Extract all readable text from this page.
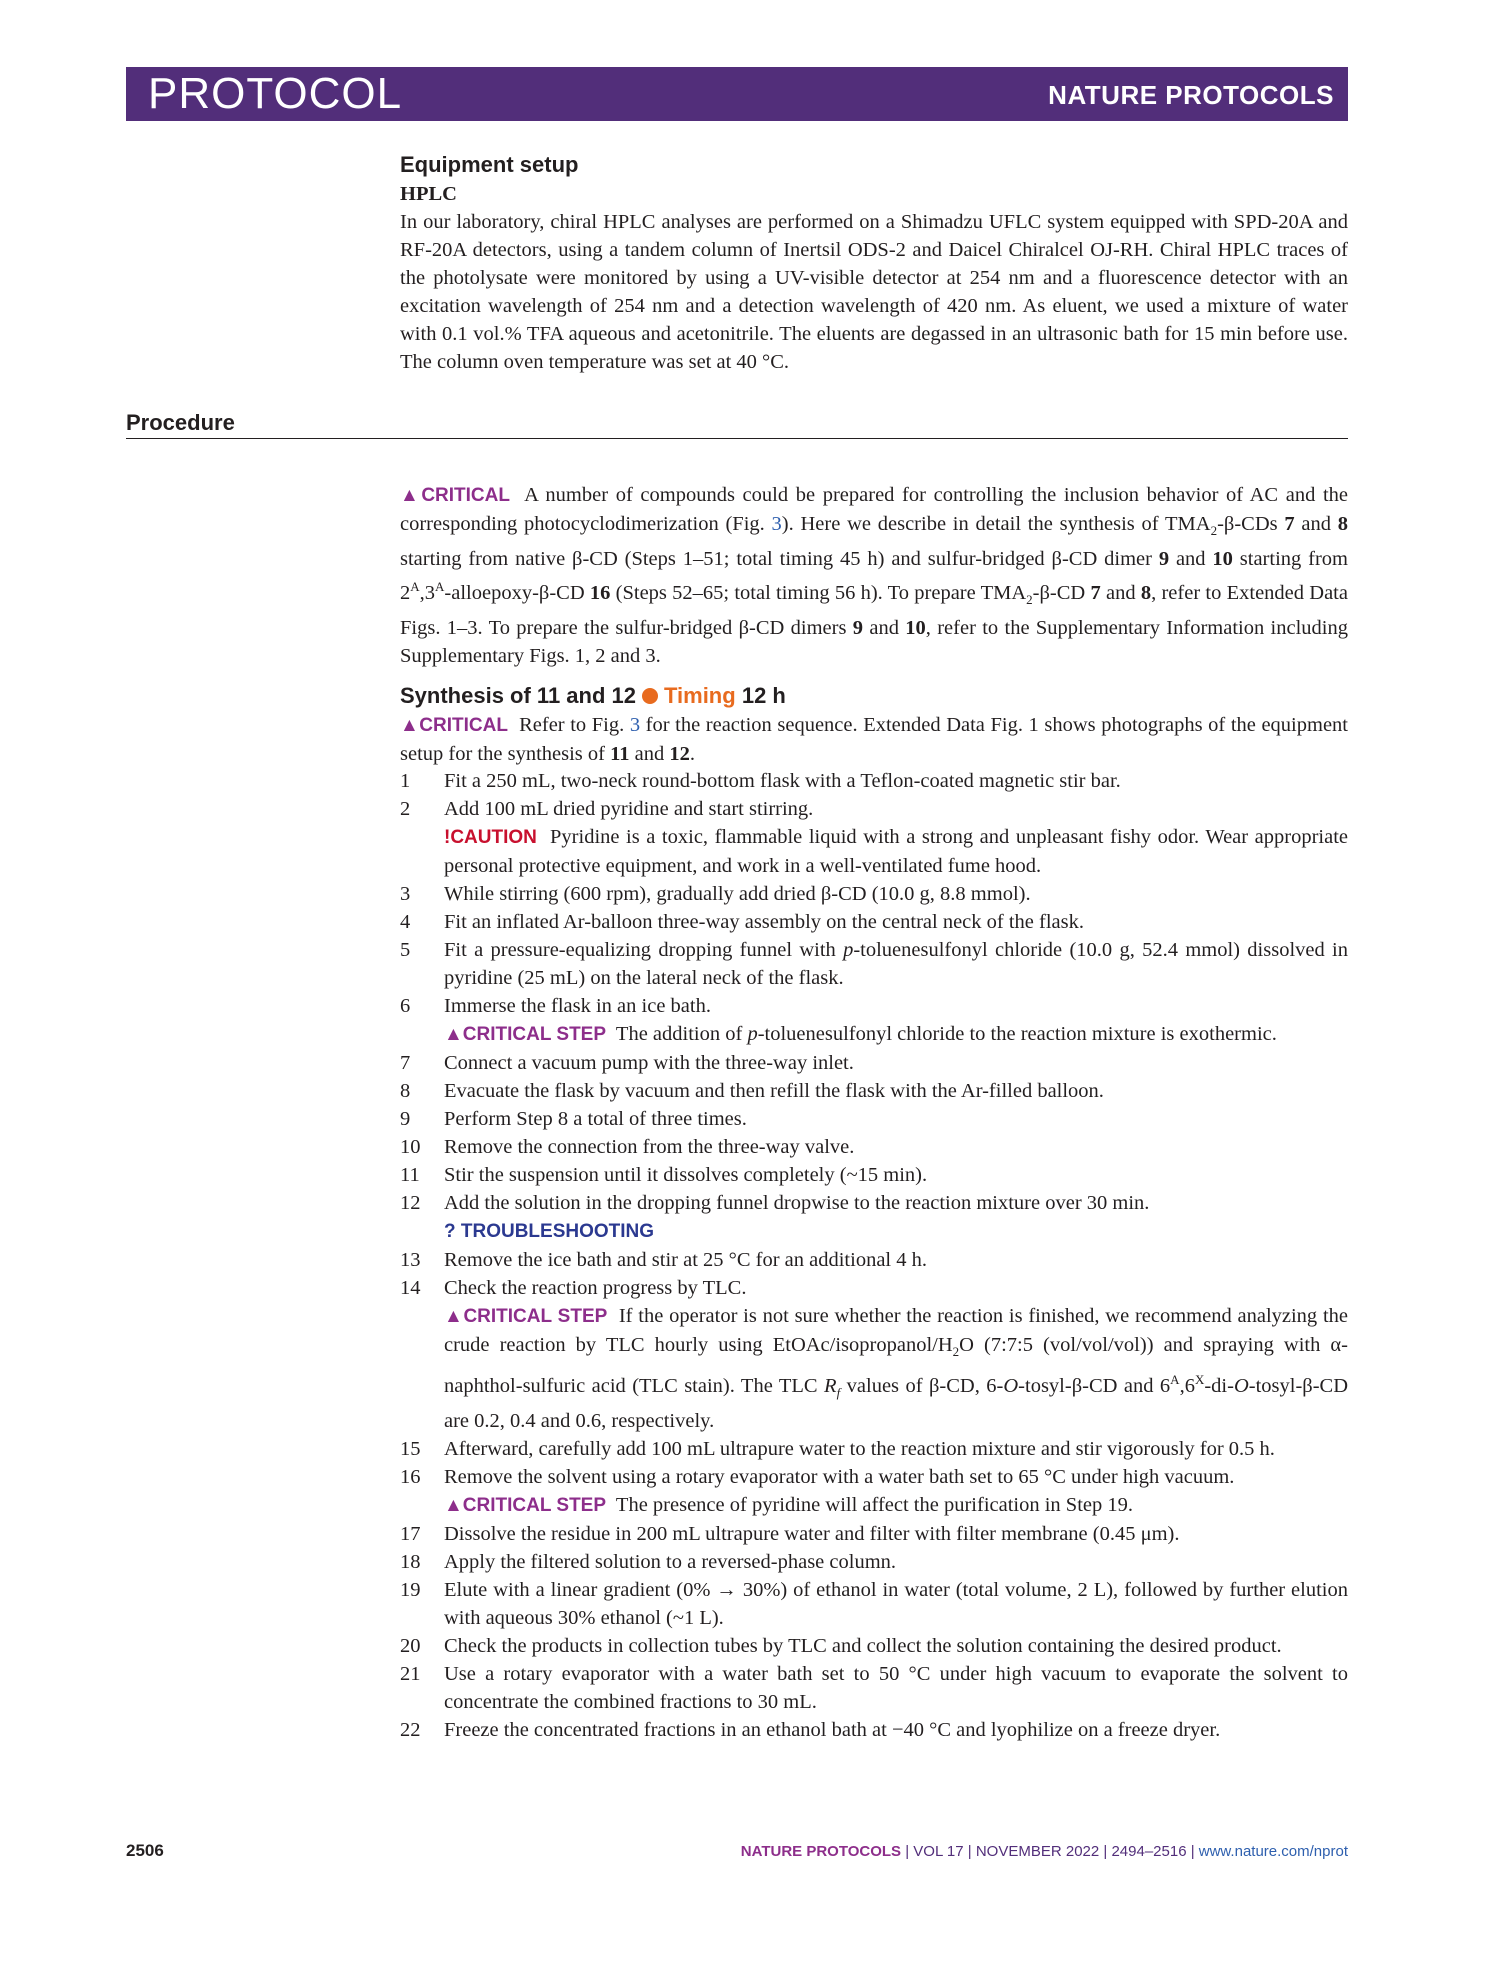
PROTOCOL	NATURE PROTOCOLS
Equipment setup
HPLC
In our laboratory, chiral HPLC analyses are performed on a Shimadzu UFLC system equipped with SPD-20A and RF-20A detectors, using a tandem column of Inertsil ODS-2 and Daicel Chiralcel OJ-RH. Chiral HPLC traces of the photolysate were monitored by using a UV-visible detector at 254 nm and a fluorescence detector with an excitation wavelength of 254 nm and a detection wavelength of 420 nm. As eluent, we used a mixture of water with 0.1 vol.% TFA aqueous and acetonitrile. The eluents are degassed in an ultrasonic bath for 15 min before use. The column oven temperature was set at 40 °C.
Procedure
▲CRITICAL A number of compounds could be prepared for controlling the inclusion behavior of AC and the corresponding photocyclodimerization (Fig. 3). Here we describe in detail the synthesis of $TMA_2-\beta$-CDs 7 and 8 starting from native β-CD (Steps 1–51; total timing 45 h) and sulfur-bridged β-CD dimer 9 and 10 starting from $2^A,3^A-alloepoxy-\beta-CD$ 16 (Steps 52–65; total timing 56 h). To prepare $TMA_2-\beta-CD$ 7 and 8, refer to Extended Data Figs. 1–3. To prepare the sulfur-bridged β-CD dimers 9 and 10, refer to the Supplementary Information including Supplementary Figs. 1, 2 and 3.
Synthesis of 11 and 12 Timing 12 h
▲CRITICAL Refer to Fig. 3 for the reaction sequence. Extended Data Fig. 1 shows photographs of the equipment setup for the synthesis of 11 and 12.
1 Fit a 250 mL, two-neck round-bottom flask with a Teflon-coated magnetic stir bar.
2 Add 100 mL dried pyridine and start stirring.
!CAUTION Pyridine is a toxic, flammable liquid with a strong and unpleasant fishy odor. Wear appropriate personal protective equipment, and work in a well-ventilated fume hood.
3 While stirring (600 rpm), gradually add dried β-CD (10.0 g, 8.8 mmol).
4 Fit an inflated Ar-balloon three-way assembly on the central neck of the flask.
5 Fit a pressure-equalizing dropping funnel with p-toluenesulfonyl chloride (10.0 g, 52.4 mmol) dissolved in pyridine (25 mL) on the lateral neck of the flask.
6 Immerse the flask in an ice bath.
▲CRITICAL STEP The addition of p-toluenesulfonyl chloride to the reaction mixture is exothermic.
7 Connect a vacuum pump with the three-way inlet.
8 Evacuate the flask by vacuum and then refill the flask with the Ar-filled balloon.
9 Perform Step 8 a total of three times.
10 Remove the connection from the three-way valve.
11 Stir the suspension until it dissolves completely (~15 min).
12 Add the solution in the dropping funnel dropwise to the reaction mixture over 30 min.
? TROUBLESHOOTING
13 Remove the ice bath and stir at 25 °C for an additional 4 h.
14 Check the reaction progress by TLC.
▲CRITICAL STEP If the operator is not sure whether the reaction is finished, we recommend analyzing the crude reaction by TLC hourly using EtOAc/$isopropanol/H_2O$ (7:7:5 (vol/vol/vol)) and spraying with α-naphthol-sulfuric acid (TLC stain). The TLC $R_f$ values of β-CD, 6-O-tosyl-β-CD and $6^A,6^X-di-O-tosyl-\beta-CD$ are 0.2, 0.4 and 0.6, respectively.
15 Afterward, carefully add 100 mL ultrapure water to the reaction mixture and stir vigorously for 0.5 h.
16 Remove the solvent using a rotary evaporator with a water bath set to 65 °C under high vacuum.
▲CRITICAL STEP The presence of pyridine will affect the purification in Step 19.
17 Dissolve the residue in 200 mL ultrapure water and filter with filter membrane (0.45 μm).
18 Apply the filtered solution to a reversed-phase column.
19 Elute with a linear gradient (0% → 30%) of ethanol in water (total volume, 2 L), followed by further elution with aqueous 30% ethanol (~1 L).
20 Check the products in collection tubes by TLC and collect the solution containing the desired product.
21 Use a rotary evaporator with a water bath set to 50 °C under high vacuum to evaporate the solvent to concentrate the combined fractions to 30 mL.
22 Freeze the concentrated fractions in an ethanol bath at −40 °C and lyophilize on a freeze dryer.
2506	NATURE PROTOCOLS | VOL 17 | NOVEMBER 2022 | 2494–2516 | www.nature.com/nprot
